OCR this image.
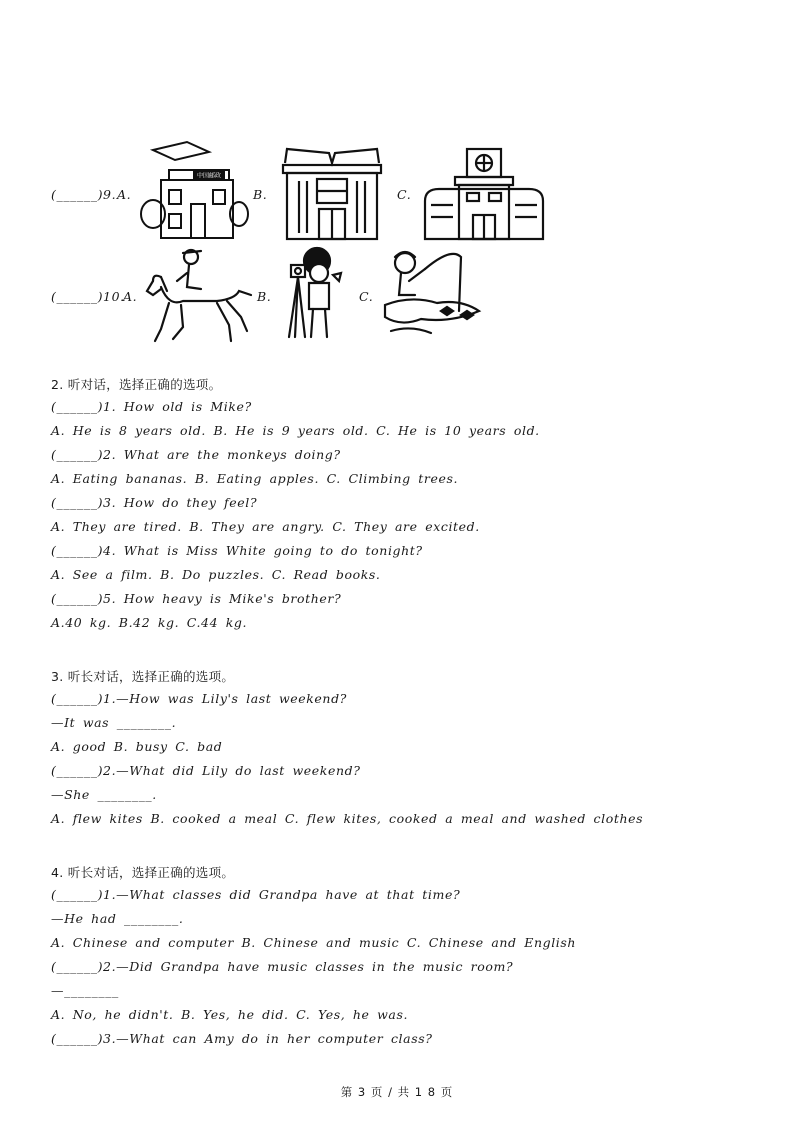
(______)9. A.
中国邮政
B.	C.
(______)10.
A.	B.	C.
2. 听对话，选择正确的选项。
(______)1. How old is Mike?
A. He is 8 years old. B. He is 9 years old. C. He is 10 years old.
(______)2. What are the monkeys doing?
A. Eating bananas. B. Eating apples. C. Climbing trees.
(______)3. How do they feel?
A. They are tired. B. They are angry. C. They are excited.
(______)4. What is Miss White going to do tonight?
A. See a film. B. Do puzzles. C. Read books.
(______)5. How heavy is Mike's brother?
A.40 kg. B.42 kg. C.44 kg.
3. 听长对话，选择正确的选项。
(______)1.—How was Lily's last weekend?
—It was ________.
A. good B. busy C. bad
(______)2.—What did Lily do last weekend?
—She ________.
A. flew kites B. cooked a meal C. flew kites, cooked a meal and washed clothes
4. 听长对话，选择正确的选项。
(______)1.—What classes did Grandpa have at that time?
—He had ________.
A. Chinese and computer B. Chinese and music C. Chinese and English
(______)2.—Did Grandpa have music classes in the music room?
—________
A. No, he didn't. B. Yes, he did. C. Yes, he was.
(______)3.—What can Amy do in her computer class?
第 3 页 / 共 1 8 页
